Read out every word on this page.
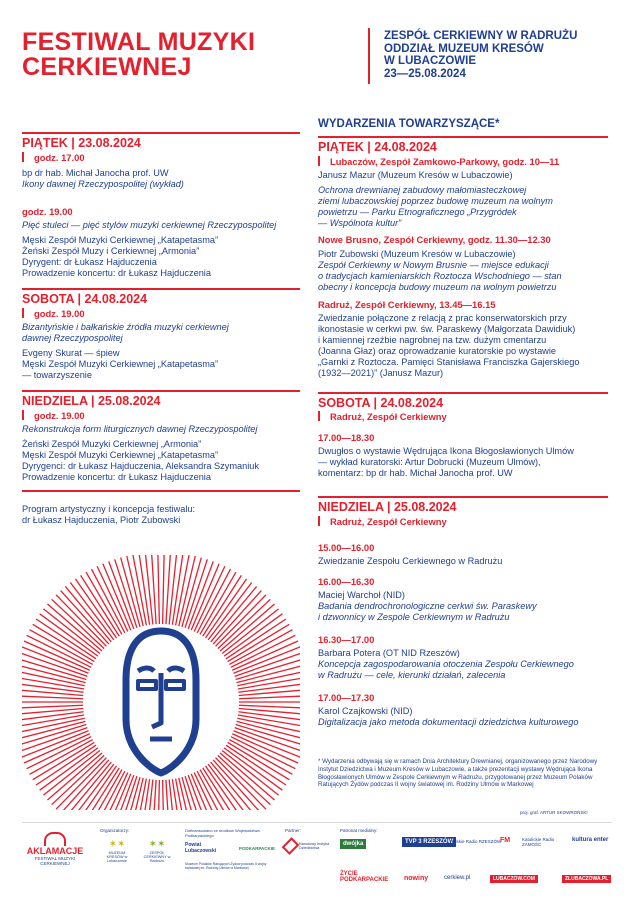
FESTIWAL MUZYKI
CERKIEWNEJ
ZESPÓŁ CERKIEWNY W RADRUŻU
ODDZIAŁ MUZEUM KRESÓW
W LUBACZOWIE
23—25.08.2024
PIĄTEK | 23.08.2024
godz. 17.00
bp dr hab. Michał Janocha prof. UW
Ikony dawnej Rzeczypospolitej (wykład)
godz. 19.00
Pięć stuleci — pięć stylów muzyki cerkiewnej Rzeczypospolitej
Męski Zespół Muzyki Cerkiewnej „Katapetasma”
Żeński Zespół Muzy i Cerkiewnej „Armonia”
Dyrygent: dr Łukasz Hajduczenia
Prowadzenie koncertu: dr Łukasz Hajduczenia
SOBOTA | 24.08.2024
godz. 19.00
Bizantyńskie i bałkańskie źródła muzyki cerkiewnej
dawnej Rzeczypospolitej
Evgeny Skurat — śpiew
Męski Zespół Muzyki Cerkiewnej „Katapetasma”
— towarzyszenie
NIEDZIELA | 25.08.2024
godz. 19.00
Rekonstrukcja form liturgicznych dawnej Rzeczypospolitej
Żeński Zespół Muzyki Cerkiewnej „Armonia”
Męski Zespół Muzyki Cerkiewnej „Katapetasma”
Dyrygenci: dr Łukasz Hajduczenia, Aleksandra Szymaniuk
Prowadzenie koncertu: dr Łukasz Hajduczenia
Program artystyczny i koncepcja festiwalu:
dr Łukasz Hajduczenia, Piotr Zubowski
WYDARZENIA TOWARZYSZĄCE*
PIĄTEK | 24.08.2024
Lubaczów, Zespół Zamkowo-Parkowy, godz. 10—11
Janusz Mazur (Muzeum Kresów w Lubaczowie)
Ochrona drewnianej zabudowy małomiasteczkowej
ziemi lubaczowskiej poprzez budowę muzeum na wolnym
powietrzu — Parku Etnograficznego „Przygródek
— Wspólnota kultur”
Nowe Brusno, Zespół Cerkiewny, godz. 11.30—12.30
Piotr Zubowski (Muzeum Kresów w Lubaczowie)
Zespół Cerkiewny w Nowym Brusnie — miejsce edukacji
o tradycjach kamieniarskich Roztocza Wschodniego — stan
obecny i koncepcja budowy muzeum na wolnym powietrzu
Radruż, Zespół Cerkiewny, 13.45—16.15
Zwiedzanie połączone z relacją z prac konserwatorskich przy
ikonostasie w cerkwi pw. św. Paraskewy (Małgorzata Dawidiuk)
i kamiennej rzeźbie nagrobnej na tzw. dużym cmentarzu
(Joanna Głaz) oraz oprowadzanie kuratorskie po wystawie
„Garnki z Roztocza. Pamięci Stanisława Franciszka Gajerskiego
(1932—2021)” (Janusz Mazur)
SOBOTA | 24.08.2024
Radruż, Zespół Cerkiewny
17.00—18.30
Dwugłos o wystawie Wędrująca Ikona Błogosławionych Ulmów
— wykład kuratorski: Artur Dobrucki (Muzeum Ulmów),
komentarz: bp dr hab. Michał Janocha prof. UW
NIEDZIELA | 25.08.2024
Radruż, Zespół Cerkiewny
15.00—16.00
Zwiedzanie Zespołu Cerkiewnego w Radrużu
16.00—16.30
Maciej Warchoł (NID)
Badania dendrochronologiczne cerkwi św. Paraskewy
i dzwonnicy w Zespole Cerkiewnym w Radrużu
16.30—17.00
Barbara Potera (OT NID Rzeszów)
Koncepcja zagospodarowania otoczenia Zespołu Cerkiewnego
w Radrużu — cele, kierunki działań, zalecenia
17.00—17.30
Karol Czajkowski (NID)
Digitalizacja jako metoda dokumentacji dziedzictwa kulturowego
* Wydarzenia odbywają się w ramach Dnia Architektury Drewnianej, organizowanego przez Narodowy Instytut Dziedzictwa i Muzeum Kresów w Lubaczowie, a także prezentacji wystawy Wędrująca Ikona Błogosławionych Ulmów w Zespole Cerkiewnym w Radrużu, przygotowanej przez Muzeum Polaków Ratujących Żydów podczas II wojny światowej im. Rodziny Ulmów w Markowej
proj. graf. ARTUR SKOWROŃSKI
AKLAMACJE
FESTIWAL MUZYKI CERKIEWNEJ
Organizatorzy:
✶✶
MUZEUM KRESÓW w Lubaczowie
✶✶
ZESPÓŁ CERKIEWNY w Radrużu
Dofinansowano ze środków Województwa Podkarpackiego
Powiat Lubaczowski	PODKARPACKIE
Muzeum Polaków Ratujących Żydów podczas II wojny światowej im. Rodziny Ulmów w Markowej
Partner:
Narodowy Instytut Dziedzictwa
Patronat medialny:
dwójka	TVP 3 RZESZÓW
Polskie Radio RZESZÓW
FM	Katolickie Radio ZAMOŚĆ
kultura enter
ŻYCIE PODKARPACKIE nowiny	cerkiew.pl	LUBACZOW.COM	ZLUBACZOWA.PL
